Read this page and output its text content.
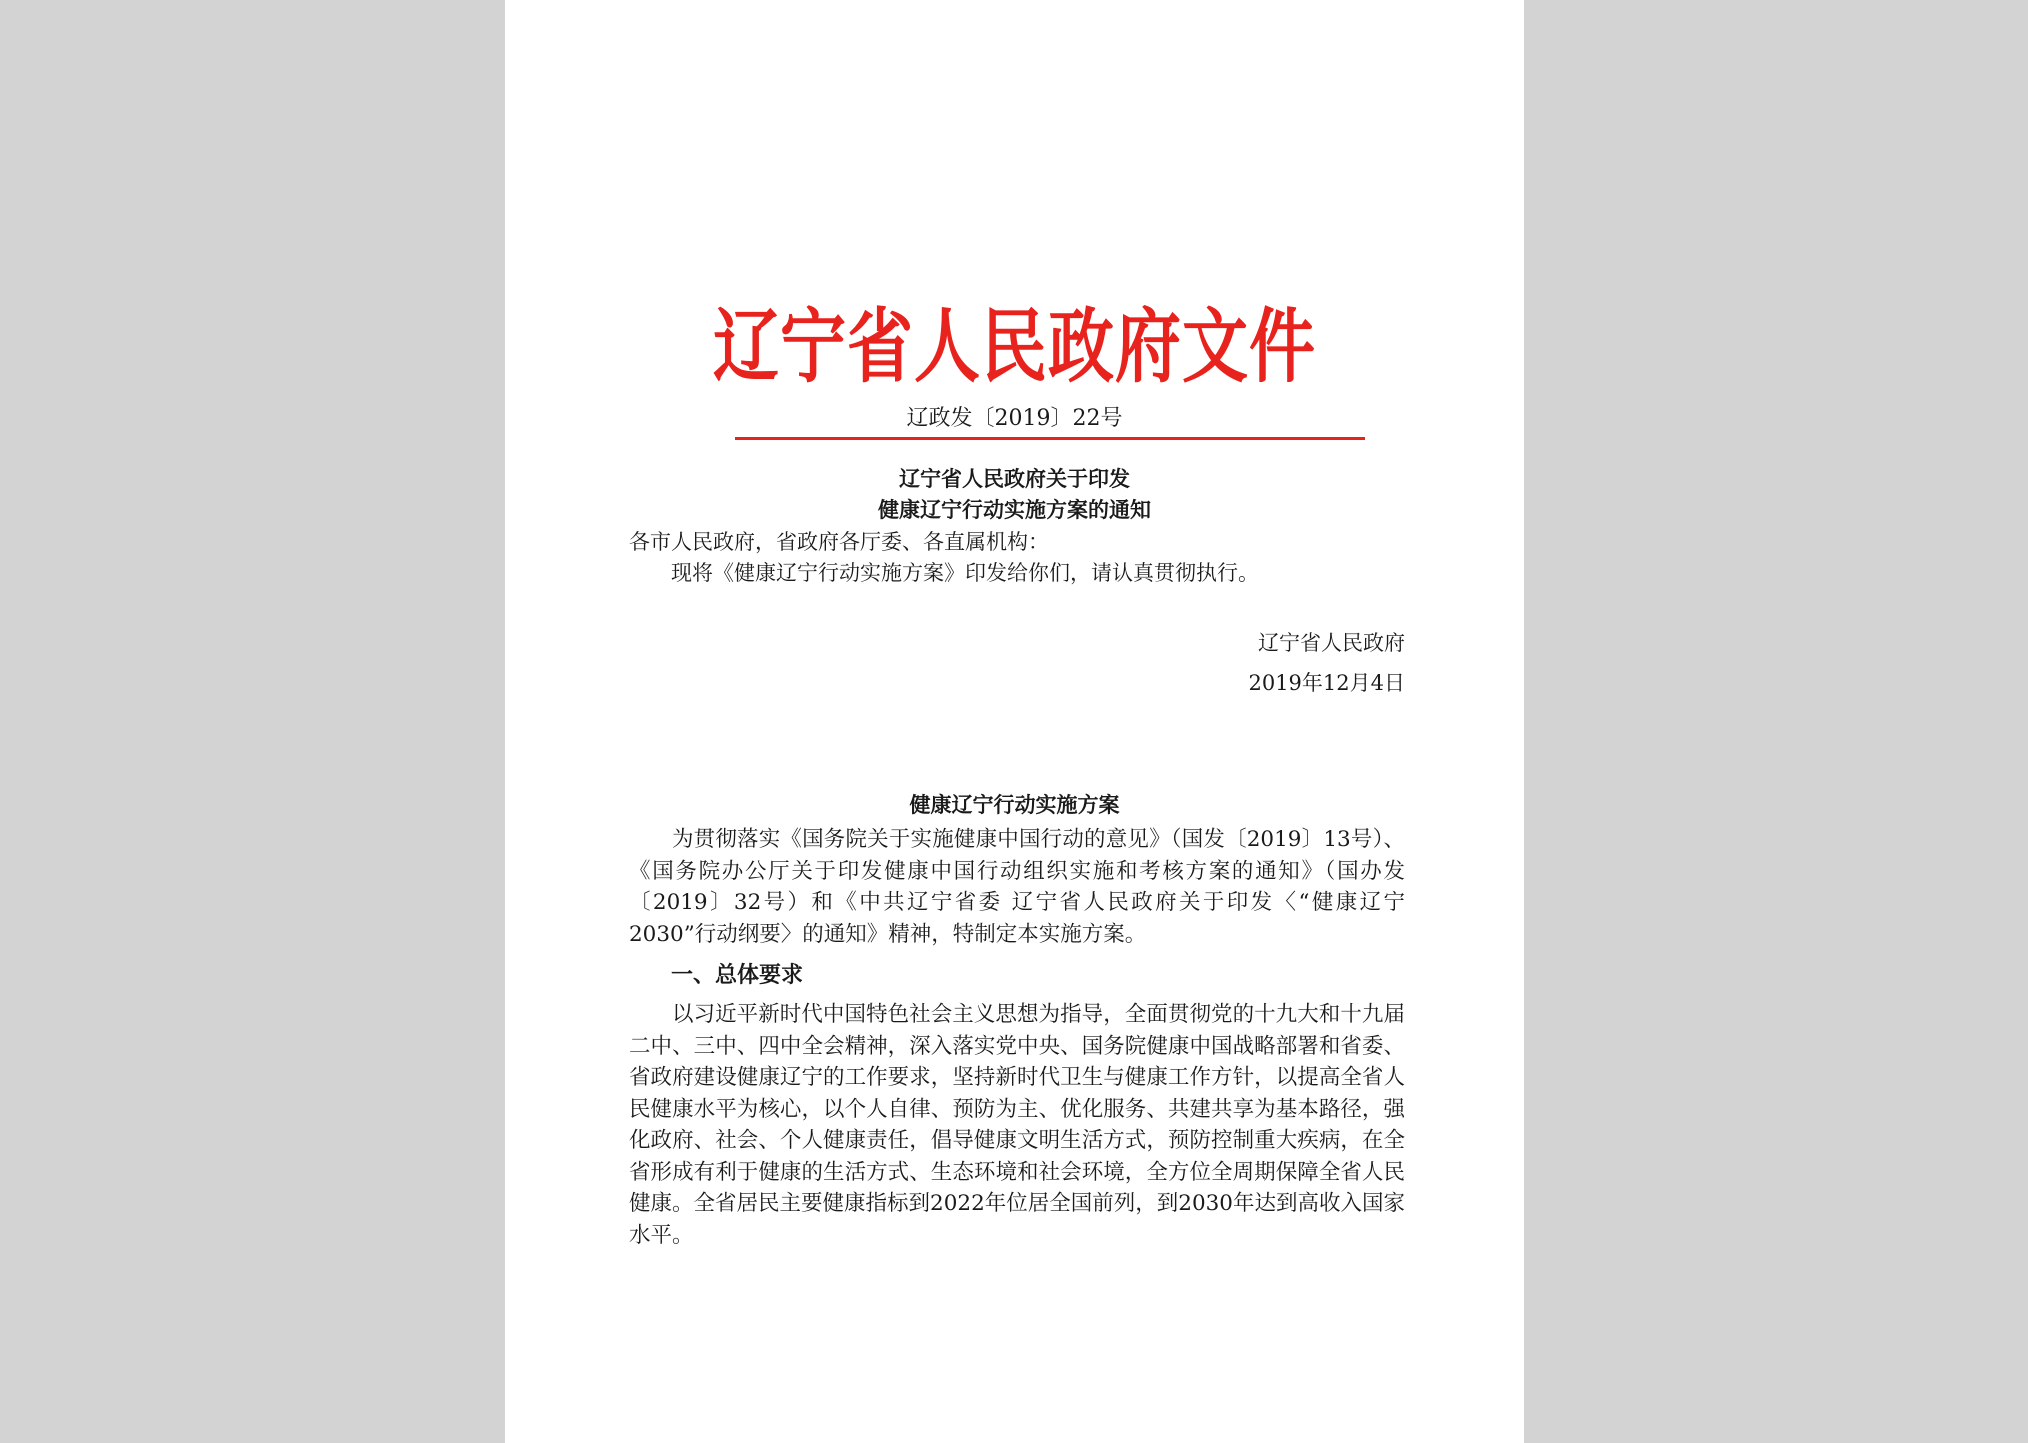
辽宁省人民政府文件
辽政发〔2019〕22号
辽宁省人民政府关于印发
健康辽宁行动实施方案的通知
各市人民政府，省政府各厅委、各直属机构：
现将《健康辽宁行动实施方案》印发给你们，请认真贯彻执行。
辽宁省人民政府
2019年12月4日
健康辽宁行动实施方案
为贯彻落实《国务院关于实施健康中国行动的意见》（国发〔2019〕13号）、《国务院办公厅关于印发健康中国行动组织实施和考核方案的通知》（国办发〔2019〕32号）和《中共辽宁省委 辽宁省人民政府关于印发〈“健康辽宁2030”行动纲要〉的通知》精神，特制定本实施方案。
一、总体要求
以习近平新时代中国特色社会主义思想为指导，全面贯彻党的十九大和十九届二中、三中、四中全会精神，深入落实党中央、国务院健康中国战略部署和省委、省政府建设健康辽宁的工作要求，坚持新时代卫生与健康工作方针，以提高全省人民健康水平为核心，以个人自律、预防为主、优化服务、共建共享为基本路径，强化政府、社会、个人健康责任，倡导健康文明生活方式，预防控制重大疾病，在全省形成有利于健康的生活方式、生态环境和社会环境，全方位全周期保障全省人民健康。全省居民主要健康指标到2022年位居全国前列，到2030年达到高收入国家水平。
